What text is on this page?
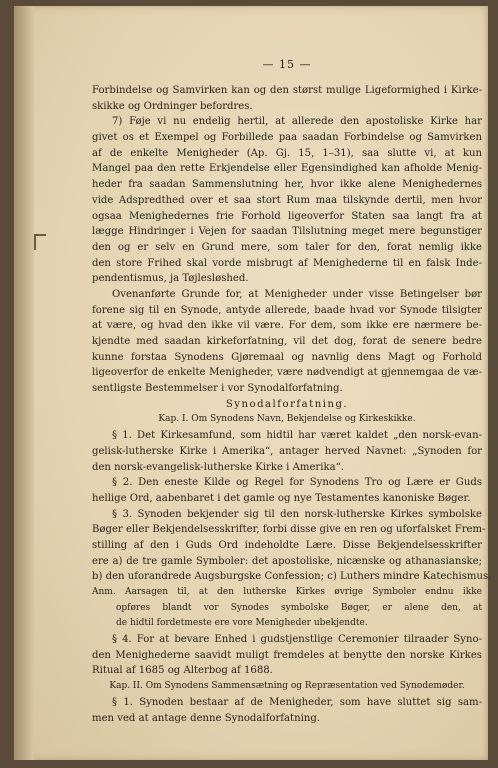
— 15 —
Forbindelse og Samvirken kan og den størst mulige Ligeformighed i Kirke-
skikke og Ordninger befordres.
7) Føje vi nu endelig hertil, at allerede den apostoliske Kirke har
givet os et Exempel og Forbillede paa saadan Forbindelse og Samvirken
af de enkelte Menigheder (Ap. Gj. 15, 1–31), saa slutte vi, at kun
Mangel paa den rette Erkjendelse eller Egensindighed kan afholde Menig-
heder fra saadan Sammenslutning her, hvor ikke alene Menighedernes
vide Adspredthed over et saa stort Rum maa tilskyndе dertil, men hvor
ogsaa Menighedernes frie Forhold ligeoverfor Staten saa langt fra at
lægge Hindringer i Vejen for saadan Tilslutning meget mere begunstiger
den og er selv en Grund mere, som taler for den, forat nemlig ikke
den store Frihed skal vorde misbrugt af Menighederne til en falsk Inde-
pendentismus, ja Tøjlesløshed.
Ovenanførte Grunde for, at Menigheder under visse Betingelser bør
forene sig til en Synode, antyde allerede, baade hvad vor Synode tilsigter
at være, og hvad den ikke vil være. For dem, som ikke ere nærmere be-
kjendte med saadan kirkeforfatning, vil det dog, forat de senere bedre
kunne forstaa Synodens Gjøremaal og navnlig dens Magt og Forhold
ligeoverfor de enkelte Menigheder, være nødvendigt at gjennemgaa de væ-
sentligste Bestemmelser i vor Synodalforfatning.
Synodalforfatning.
Kap. I. Om Synodens Navn, Bekjendelse og Kirkeskikke.
§ 1. Det Kirkesamfund, som hidtil har været kaldet „den norsk-evan-
gelisk-lutherske Kirke i Amerika“, antager herved Navnet: „Synoden for
den norsk-evangelisk-lutherske Kirke i Amerika“.
§ 2. Den eneste Kilde og Regel for Synodens Tro og Lære er Guds
hellige Ord, aabenbaret i det gamle og nye Testamentes kanoniske Bøger.
§ 3. Synoden bekjender sig til den norsk-lutherske Kirkes symbolske
Bøger eller Bekjendelsesskrifter, forbi disse give en ren og uforfalsket Frem-
stilling af den i Guds Ord indeholdte Lære. Disse Bekjendelsesskrifter
ere a) de tre gamle Symboler: det apostoliske, nicænske og athanasianske;
b) den uforandrede Augsburgske Confession; c) Luthers mindre Katechismus.
Anm. Aarsagen til, at den lutherske Kirkes øvrige Symboler endnu ikke
opføres blandt vor Synodes symbolske Bøger, er alene den, at
de hidtil fordetmeste ere vore Menigheder ubekjendte.
§ 4. For at bevare Enhed i gudstjenstlige Ceremonier tilraader Syno-
den Menighederne saavidt muligt fremdeles at benytte den norske Kirkes
Ritual af 1685 og Alterbog af 1688.
Kap. II. Om Synodens Sammensætning og Repræsentation ved Synodemøder.
§ 1. Synoden bestaar af de Menigheder, som have sluttet sig sam-
men ved at antage denne Synodalforfatning.
